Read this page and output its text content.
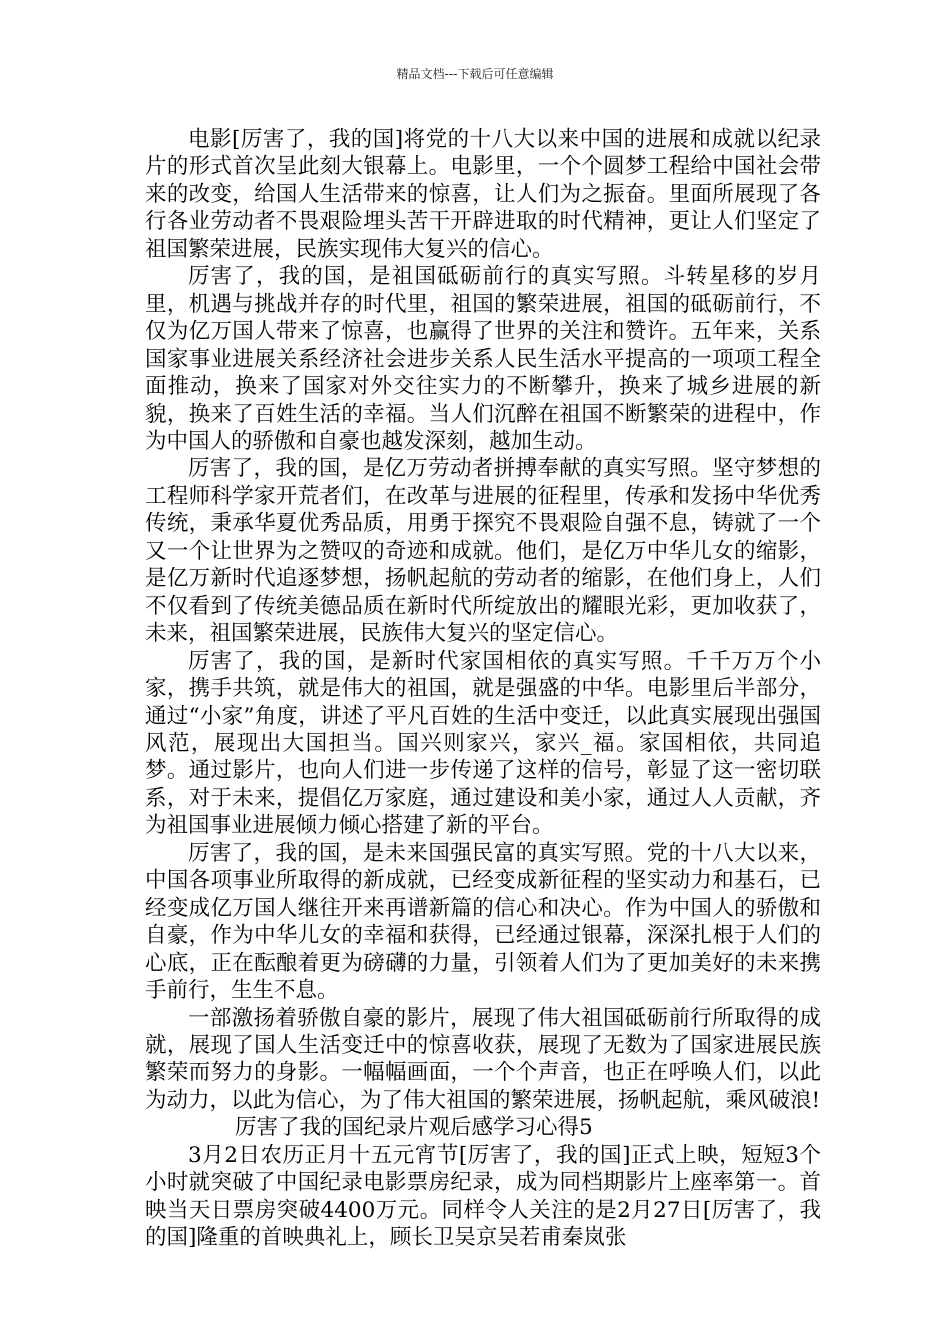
精品文档---下载后可任意编辑

电影[厉害了，我的国]将党的十八大以来中国的进展和成就以纪录片的形式首次呈此刻大银幕上。电影里，一个个圆梦工程给中国社会带来的改变，给国人生活带来的惊喜，让人们为之振奋。里面所展现了各行各业劳动者不畏艰险埋头苦干开辟进取的时代精神，更让人们坚定了祖国繁荣进展，民族实现伟大复兴的信心。

厉害了，我的国，是祖国砥砺前行的真实写照。斗转星移的岁月里，机遇与挑战并存的时代里，祖国的繁荣进展，祖国的砥砺前行，不仅为亿万国人带来了惊喜，也赢得了世界的关注和赞许。五年来，关系国家事业进展关系经济社会进步关系人民生活水平提高的一项项工程全面推动，换来了国家对外交往实力的不断攀升，换来了城乡进展的新貌，换来了百姓生活的幸福。当人们沉醉在祖国不断繁荣的进程中，作为中国人的骄傲和自豪也越发深刻，越加生动。

厉害了，我的国，是亿万劳动者拼搏奉献的真实写照。坚守梦想的工程师科学家开荒者们，在改革与进展的征程里，传承和发扬中华优秀传统，秉承华夏优秀品质，用勇于探究不畏艰险自强不息，铸就了一个又一个让世界为之赞叹的奇迹和成就。他们，是亿万中华儿女的缩影，是亿万新时代追逐梦想，扬帆起航的劳动者的缩影，在他们身上，人们不仅看到了传统美德品质在新时代所绽放出的耀眼光彩，更加收获了，未来，祖国繁荣进展，民族伟大复兴的坚定信心。

厉害了，我的国，是新时代家国相依的真实写照。千千万万个小家，携手共筑，就是伟大的祖国，就是强盛的中华。电影里后半部分，通过“小家”角度，讲述了平凡百姓的生活中变迁，以此真实展现出强国风范，展现出大国担当。国兴则家兴，家兴_福。家国相依，共同追梦。通过影片，也向人们进一步传递了这样的信号，彰显了这一密切联系，对于未来，提倡亿万家庭，通过建设和美小家，通过人人贡献，齐为祖国事业进展倾力倾心搭建了新的平台。

厉害了，我的国，是未来国强民富的真实写照。党的十八大以来，中国各项事业所取得的新成就，已经变成新征程的坚实动力和基石，已经变成亿万国人继往开来再谱新篇的信心和决心。作为中国人的骄傲和自豪，作为中华儿女的幸福和获得，已经通过银幕，深深扎根于人们的心底，正在酝酿着更为磅礴的力量，引领着人们为了更加美好的未来携手前行，生生不息。

一部激扬着骄傲自豪的影片，展现了伟大祖国砥砺前行所取得的成就，展现了国人生活变迁中的惊喜收获，展现了无数为了国家进展民族繁荣而努力的身影。一幅幅画面，一个个声音，也正在呼唤人们，以此为动力，以此为信心，为了伟大祖国的繁荣进展，扬帆起航，乘风破浪!

厉害了我的国纪录片观后感学习心得5

3月2日农历正月十五元宵节[厉害了，我的国]正式上映，短短3个小时就突破了中国纪录电影票房纪录，成为同档期影片上座率第一。首映当天日票房突破4400万元。同样令人关注的是2月27日[厉害了，我的国]隆重的首映典礼上，顾长卫吴京吴若甫秦岚张
